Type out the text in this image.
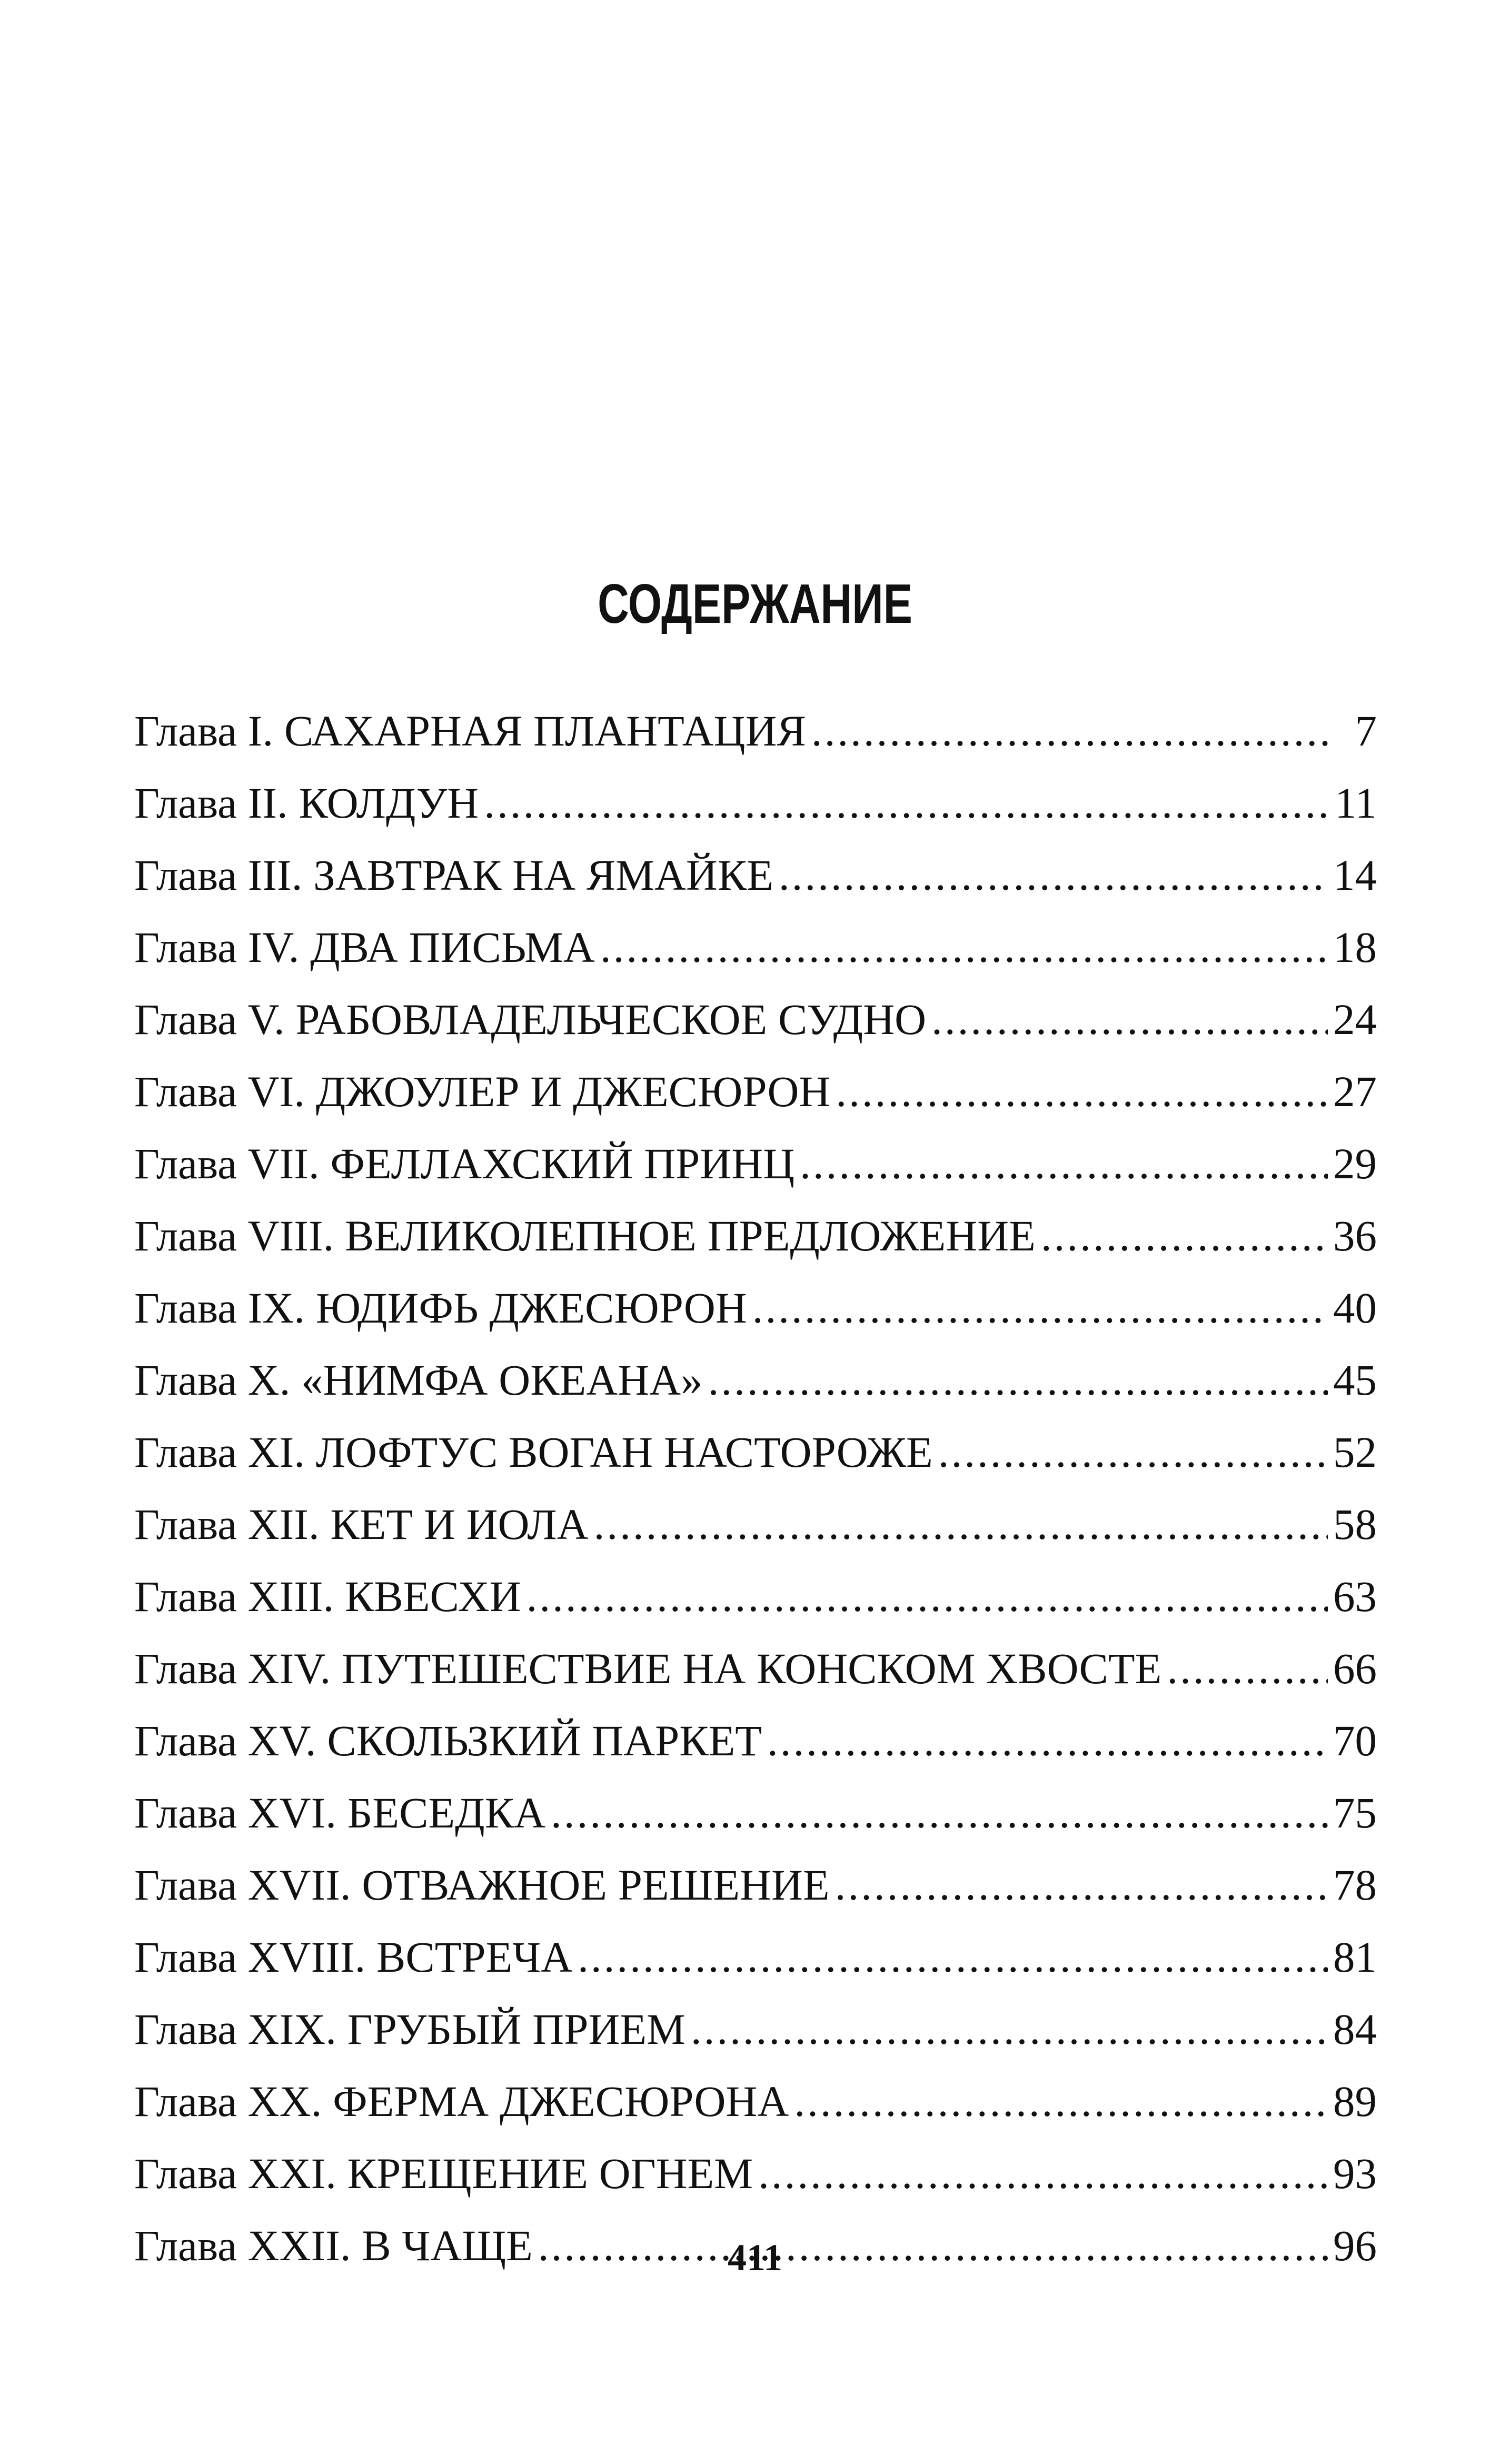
СОДЕРЖАНИЕ
Глава I. САХАРНАЯ ПЛАНТАЦИЯ .....	7
Глава II. КОЛДУН .....	11
Глава III. ЗАВТРАК НА ЯМАЙКЕ .....	14
Глава IV. ДВА ПИСЬМА .....	18
Глава V. РАБОВЛАДЕЛЬЧЕСКОЕ СУДНО .....	24
Глава VI. ДЖОУЛЕР И ДЖЕСЮРОН .....	27
Глава VII. ФЕЛЛАХСКИЙ ПРИНЦ .....	29
Глава VIII. ВЕЛИКОЛЕПНОЕ ПРЕДЛОЖЕНИЕ .....	36
Глава IX. ЮДИФЬ ДЖЕСЮРОН .....	40
Глава X. «НИМФА ОКЕАНА» .....	45
Глава XI. ЛОФТУС ВОГАН НАСТОРОЖЕ .....	52
Глава XII. КЕТ И ИОЛА .....	58
Глава XIII. КВЕСХИ .....	63
Глава XIV. ПУТЕШЕСТВИЕ НА КОНСКОМ ХВОСТЕ .....	66
Глава XV. СКОЛЬЗКИЙ ПАРКЕТ .....	70
Глава XVI. БЕСЕДКА .....	75
Глава XVII. ОТВАЖНОЕ РЕШЕНИЕ .....	78
Глава XVIII. ВСТРЕЧА .....	81
Глава XIX. ГРУБЫЙ ПРИЕМ .....	84
Глава XX. ФЕРМА ДЖЕСЮРОНА .....	89
Глава XXI. КРЕЩЕНИЕ ОГНЕМ .....	93
Глава XXII. В ЧАЩЕ .....	96
411
